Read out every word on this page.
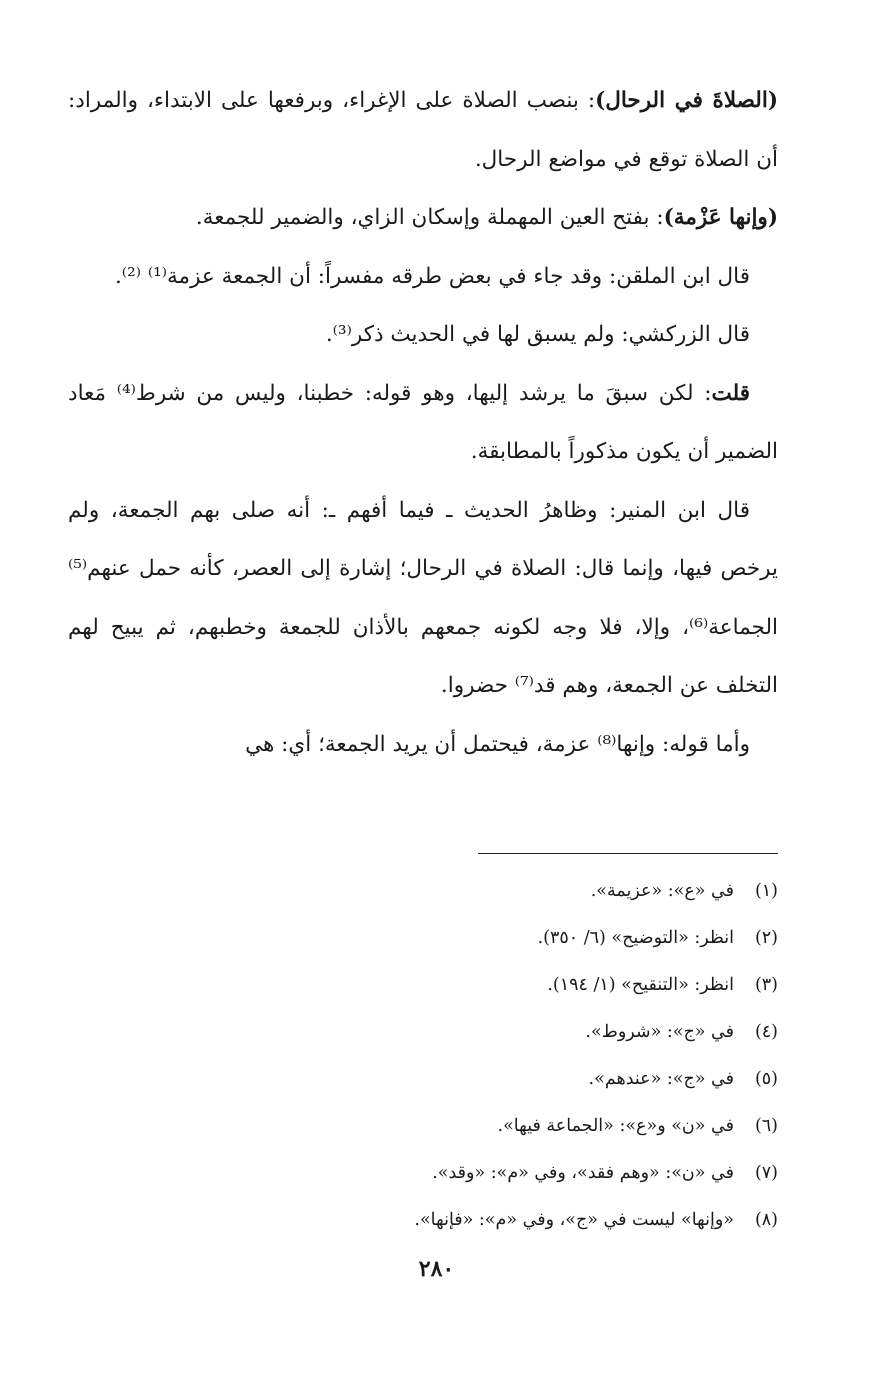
(الصلاةَ في الرحال): بنصب الصلاة على الإغراء، وبرفعها على الابتداء، والمراد: أن الصلاة توقع في مواضع الرحال.

(وإنها عَزْمة): بفتح العين المهملة وإسكان الزاي، والضمير للجمعة.

قال ابن الملقن: وقد جاء في بعض طرقه مفسراً: أن الجمعة عزمة⁽¹⁾ ⁽²⁾.

قال الزركشي: ولم يسبق لها في الحديث ذكر⁽³⁾.

قلت: لكن سبقَ ما يرشد إليها، وهو قوله: خطبنا، وليس من شرط⁽⁴⁾ مَعاد الضمير أن يكون مذكوراً بالمطابقة.

قال ابن المنير: وظاهرُ الحديث ـ فيما أفهم ـ: أنه صلى بهم الجمعة، ولم يرخص فيها، وإنما قال: الصلاة في الرحال؛ إشارة إلى العصر، كأنه حمل عنهم⁽⁵⁾ الجماعة⁽⁶⁾، وإلا، فلا وجه لكونه جمعهم بالأذان للجمعة وخطبهم، ثم يبيح لهم التخلف عن الجمعة، وهم قد⁽⁷⁾ حضروا.

وأما قوله: وإنها⁽⁸⁾ عزمة، فيحتمل أن يريد الجمعة؛ أي: هي

(١)
في «ع»: «عزيمة».
(٢)
انظر: «التوضيح» (٦/ ٣٥٠).
(٣)
انظر: «التنقيح» (١/ ١٩٤).
(٤)
في «ج»: «شروط».
(٥)
في «ج»: «عندهم».
(٦)
في «ن» و«ع»: «الجماعة فيها».
(٧)
في «ن»: «وهم فقد»، وفي «م»: «وقد».
(٨)
«وإنها» ليست في «ج»، وفي «م»: «فإنها».
٢٨٠
